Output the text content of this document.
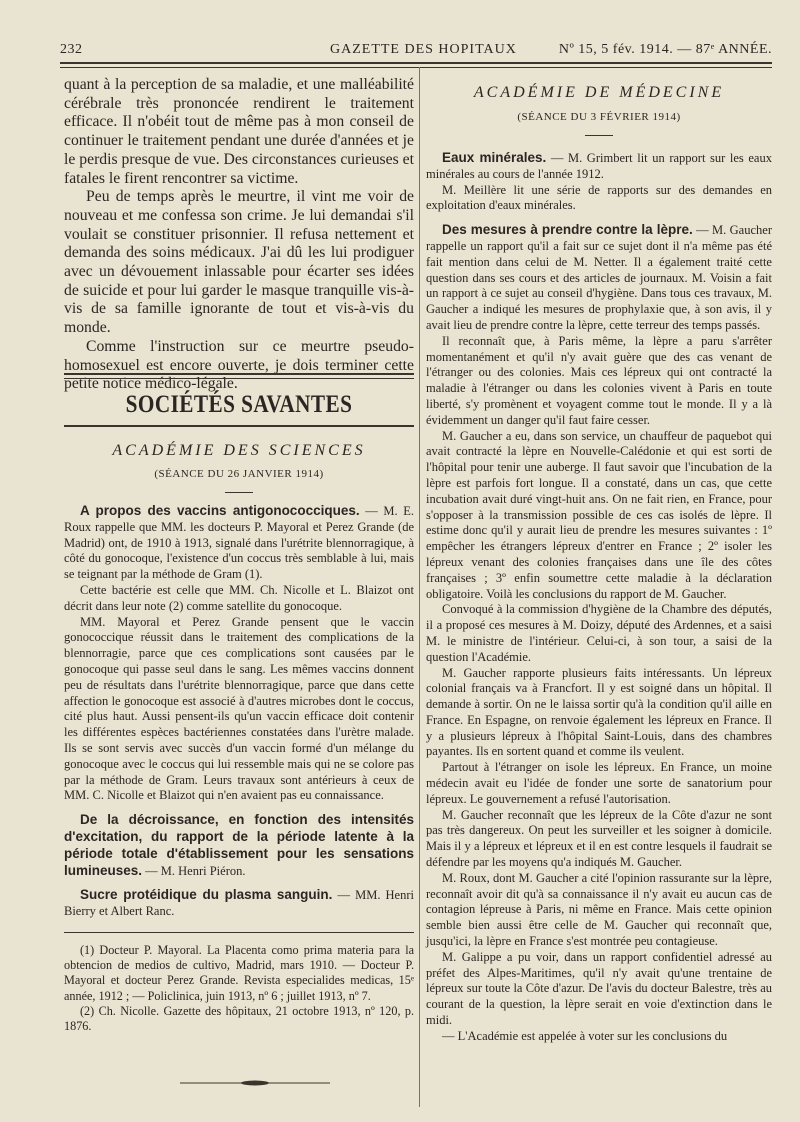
232	GAZETTE DES HOPITAUX	Nº 15, 5 fév. 1914. — 87ᵉ ANNÉE.

quant à la perception de sa maladie, et une malléabilité cérébrale très prononcée rendirent le traitement efficace. Il n'obéit tout de même pas à mon conseil de continuer le traitement pendant une durée d'années et je le perdis presque de vue. Des circonstances curieuses et fatales le firent rencontrer sa victime.

Peu de temps après le meurtre, il vint me voir de nouveau et me confessa son crime. Je lui demandai s'il voulait se constituer prisonnier. Il refusa nettement et demanda des soins médicaux. J'ai dû les lui prodiguer avec un dévouement inlassable pour écarter ses idées de suicide et pour lui garder le masque tranquille vis-à-vis de sa famille ignorante de tout et vis-à-vis du monde.

Comme l'instruction sur ce meurtre pseudo-homosexuel est encore ouverte, je dois terminer cette petite notice médico-légale.

SOCIÉTÉS SAVANTES
ACADÉMIE DES SCIENCES
(SÉANCE DU 26 JANVIER 1914)

A propos des vaccins antigonococciques. — M. E. Roux rappelle que MM. les docteurs P. Mayoral et Perez Grande (de Madrid) ont, de 1910 à 1913, signalé dans l'urétrite blennorragique, à côté du gonocoque, l'existence d'un coccus très semblable à lui, mais se teignant par la méthode de Gram (1).

Cette bactérie est celle que MM. Ch. Nicolle et L. Blaizot ont décrit dans leur note (2) comme satellite du gonocoque.

MM. Mayoral et Perez Grande pensent que le vaccin gonococcique réussit dans le traitement des complications de la blennorragie, parce que ces complications sont causées par le gonocoque qui passe seul dans le sang. Les mêmes vaccins donnent peu de résultats dans l'urétrite blennorragique, parce que dans cette affection le gonocoque est associé à d'autres microbes dont le coccus, cité plus haut. Aussi pensent-ils qu'un vaccin efficace doit contenir les différentes espèces bactériennes constatées dans l'urètre malade. Ils se sont servis avec succès d'un vaccin formé d'un mélange du gonocoque avec le coccus qui lui ressemble mais qui ne se colore pas par la méthode de Gram. Leurs travaux sont antérieurs à ceux de MM. C. Nicolle et Blaizot qui n'en avaient pas eu connaissance.

De la décroissance, en fonction des intensités d'excitation, du rapport de la période latente à la période totale d'établissement pour les sensations lumineuses. — M. Henri Piéron.

Sucre protéidique du plasma sanguin. — MM. Henri Bierry et Albert Ranc.

(1) Docteur P. Mayoral. La Placenta como prima materia para la obtencion de medios de cultivo, Madrid, mars 1910. — Docteur P. Mayoral et docteur Perez Grande. Revista especialides medicas, 15ᵉ année, 1912 ; — Policlinica, juin 1913, nº 6 ; juillet 1913, nº 7.

(2) Ch. Nicolle. Gazette des hôpitaux, 21 octobre 1913, nº 120, p. 1876.

ACADÉMIE DE MÉDECINE
(SÉANCE DU 3 FÉVRIER 1914)

Eaux minérales. — M. Grimbert lit un rapport sur les eaux minérales au cours de l'année 1912.

M. Meillère lit une série de rapports sur des demandes en exploitation d'eaux minérales.

Des mesures à prendre contre la lèpre. — M. Gaucher rappelle un rapport qu'il a fait sur ce sujet dont il n'a même pas été fait mention dans celui de M. Netter. Il a également traité cette question dans ses cours et des articles de journaux. M. Voisin a fait un rapport à ce sujet au conseil d'hygiène. Dans tous ces travaux, M. Gaucher a indiqué les mesures de prophylaxie que, à son avis, il y avait lieu de prendre contre la lèpre, cette terreur des temps passés.

Il reconnaît que, à Paris même, la lèpre a paru s'arrêter momentanément et qu'il n'y avait guère que des cas venant de l'étranger ou des colonies. Mais ces lépreux qui ont contracté la maladie à l'étranger ou dans les colonies vivent à Paris en toute liberté, s'y promènent et voyagent comme tout le monde. Il y a là évidemment un danger qu'il faut faire cesser.

M. Gaucher a eu, dans son service, un chauffeur de paquebot qui avait contracté la lèpre en Nouvelle-Calédonie et qui est sorti de l'hôpital pour tenir une auberge. Il faut savoir que l'incubation de la lèpre est parfois fort longue. Il a constaté, dans un cas, que cette incubation avait duré vingt-huit ans. On ne fait rien, en France, pour s'opposer à la transmission possible de ces cas isolés de lèpre. Il estime donc qu'il y aurait lieu de prendre les mesures suivantes : 1º empêcher les étrangers lépreux d'entrer en France ; 2º isoler les lépreux venant des colonies françaises dans une île des côtes françaises ; 3º enfin soumettre cette maladie à la déclaration obligatoire. Voilà les conclusions du rapport de M. Gaucher.

Convoqué à la commission d'hygiène de la Chambre des députés, il a proposé ces mesures à M. Doizy, député des Ardennes, et a saisi M. le ministre de l'intérieur. Celui-ci, à son tour, a saisi de la question l'Académie.

M. Gaucher rapporte plusieurs faits intéressants. Un lépreux colonial français va à Francfort. Il y est soigné dans un hôpital. Il demande à sortir. On ne le laissa sortir qu'à la condition qu'il aille en France. En Espagne, on renvoie également les lépreux en France. Il y a plusieurs lépreux à l'hôpital Saint-Louis, dans des chambres payantes. Ils en sortent quand et comme ils veulent.

Partout à l'étranger on isole les lépreux. En France, un moine médecin avait eu l'idée de fonder une sorte de sanatorium pour lépreux. Le gouvernement a refusé l'autorisation.

M. Gaucher reconnaît que les lépreux de la Côte d'azur ne sont pas très dangereux. On peut les surveiller et les soigner à domicile. Mais il y a lépreux et lépreux et il en est contre lesquels il faudrait se défendre par les moyens qu'a indiqués M. Gaucher.

M. Roux, dont M. Gaucher a cité l'opinion rassurante sur la lèpre, reconnaît avoir dit qu'à sa connaissance il n'y avait eu aucun cas de contagion lépreuse à Paris, ni même en France. Mais cette opinion semble bien aussi être celle de M. Gaucher qui reconnaît que, jusqu'ici, la lèpre en France s'est montrée peu contagieuse.

M. Galippe a pu voir, dans un rapport confidentiel adressé au préfet des Alpes-Maritimes, qu'il n'y avait qu'une trentaine de lépreux sur toute la Côte d'azur. De l'avis du docteur Balestre, très au courant de la question, la lèpre serait en voie d'extinction dans le midi.

— L'Académie est appelée à voter sur les conclusions du
